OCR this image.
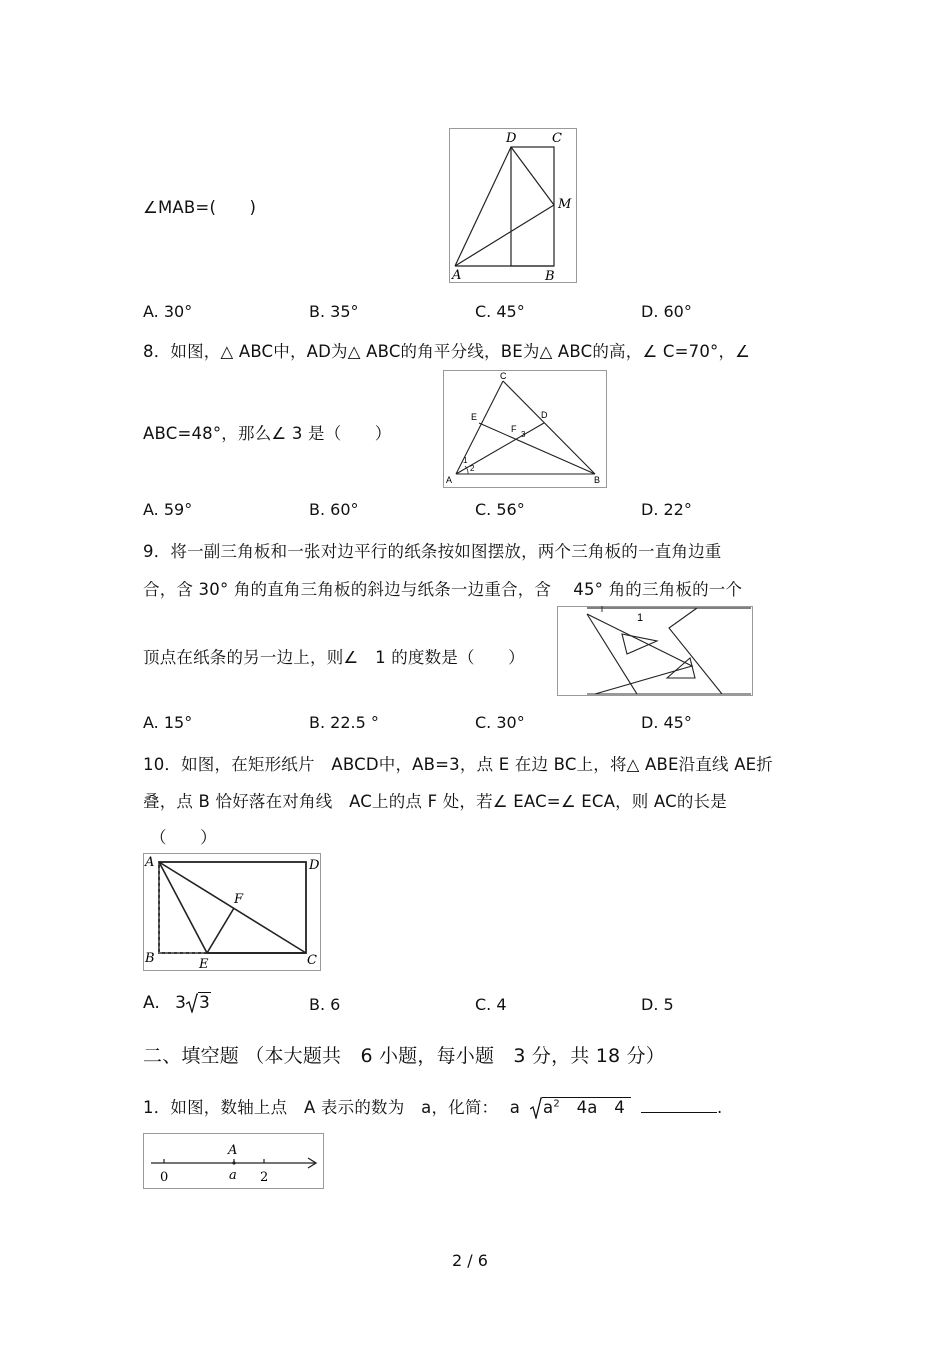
∠MAB=(　　)
D	C
M
A	B
A. 30°	B. 35°	C. 45°	D. 60°
8．如图，△ ABC中，AD为△ ABC的角平分线，BE为△ ABC的高，∠ C=70°，∠
C
E	D
F
3
1
2
A	B
ABC=48°，那么∠ 3 是（　　）
A. 59°	B. 60°	C. 56°	D. 22°
9．将一副三角板和一张对边平行的纸条按如图摆放，两个三角板的一直角边重
合，含 30° 角的直角三角板的斜边与纸条一边重合，含　 45° 角的三角板的一个
1
顶点在纸条的另一边上，则∠　1 的度数是（　　）
A. 15°	B. 22.5 °	C. 30°	D. 45°
10．如图，在矩形纸片　ABCD中，AB=3，点 E 在边 BC上，将△ ABE沿直线 AE折
叠，点 B 恰好落在对角线　AC上的点 F 处，若∠ EAC=∠ ECA，则 AC的长是
（　　）
A	D
F
B	E	C
A. 3 3	B. 6	C. 4	D. 5
二、填空题 （本大题共　6 小题，每小题　3 分，共 18 分）
1．如图，数轴上点　A 表示的数为　a，化简： a $a^2$　4a　4	.
A
0	a 2
2 / 6
